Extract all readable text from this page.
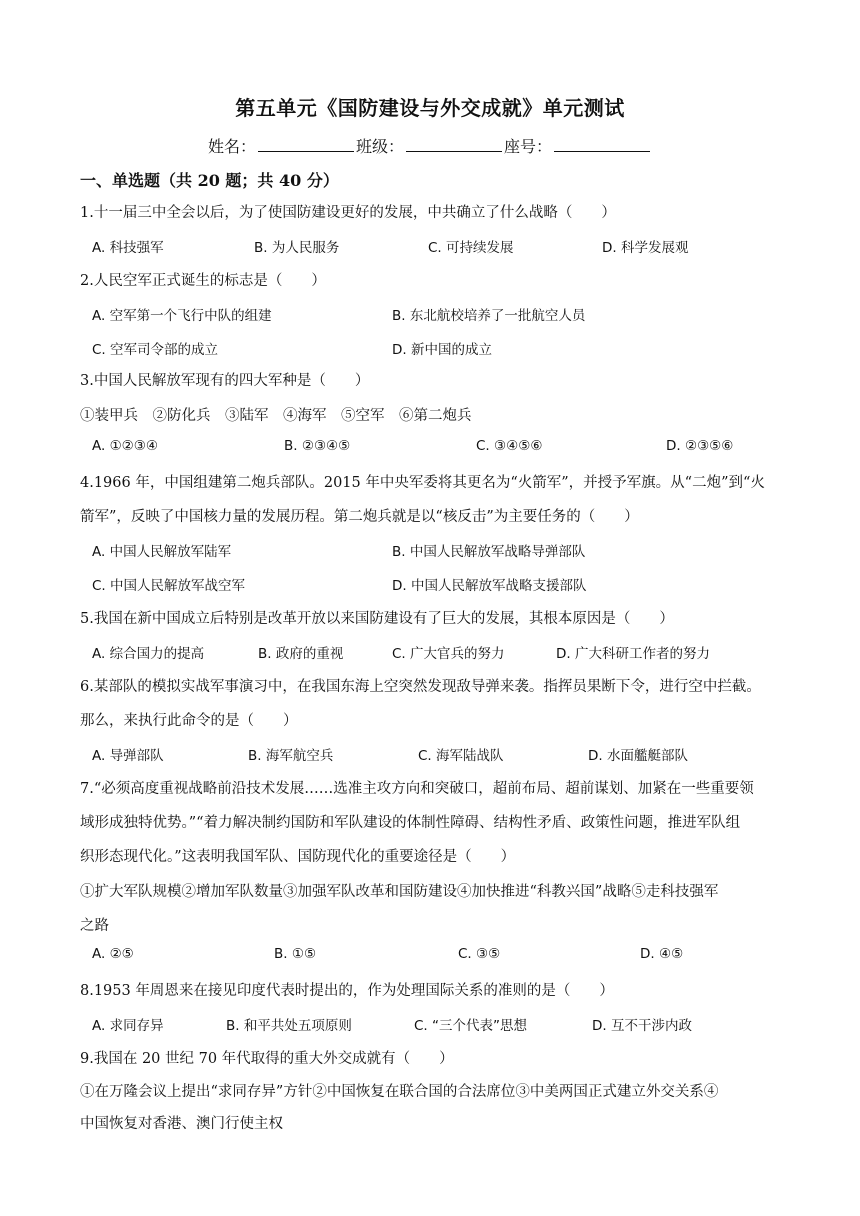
第五单元《国防建设与外交成就》单元测试
姓名：	班级：	座号：
一、单选题（共 20 题；共 40 分）
1.十一届三中全会以后，为了使国防建设更好的发展，中共确立了什么战略（　　）
A. 科技强军	B. 为人民服务	C. 可持续发展	D. 科学发展观
2.人民空军正式诞生的标志是（　　）
A. 空军第一个飞行中队的组建	B. 东北航校培养了一批航空人员
C. 空军司令部的成立	D. 新中国的成立
3.中国人民解放军现有的四大军种是（　　）
①装甲兵　②防化兵　③陆军　④海军　⑤空军　⑥第二炮兵
A. ①②③④	B. ②③④⑤	C. ③④⑤⑥	D. ②③⑤⑥
4.1966 年，中国组建第二炮兵部队。2015 年中央军委将其更名为“火箭军”，并授予军旗。从“二炮”到“火
箭军”，反映了中国核力量的发展历程。第二炮兵就是以“核反击”为主要任务的（　　）
A. 中国人民解放军陆军	B. 中国人民解放军战略导弹部队
C. 中国人民解放军战空军	D. 中国人民解放军战略支援部队
5.我国在新中国成立后特别是改革开放以来国防建设有了巨大的发展，其根本原因是（　　）
A. 综合国力的提高	B. 政府的重视	C. 广大官兵的努力	D. 广大科研工作者的努力
6.某部队的模拟实战军事演习中，在我国东海上空突然发现敌导弹来袭。指挥员果断下令，进行空中拦截。
那么，来执行此命令的是（　　）
A. 导弹部队	B. 海军航空兵	C. 海军陆战队	D. 水面艦艇部队
7.“必须高度重视战略前沿技术发展……选准主攻方向和突破口，超前布局、超前谋划、加紧在一些重要领
域形成独特优势。”“着力解决制约国防和军队建设的体制性障碍、结构性矛盾、政策性问题，推进军队组
织形态现代化。”这表明我国军队、国防现代化的重要途径是（　　）
①扩大军队规模②增加军队数量③加强军队改革和国防建设④加快推进“科教兴国”战略⑤走科技强军
之路
A. ②⑤	B. ①⑤	C. ③⑤	D. ④⑤
8.1953 年周恩来在接见印度代表时提出的，作为处理国际关系的准则的是（　　）
A. 求同存异	B. 和平共处五项原则	C. “三个代表”思想	D. 互不干涉内政
9.我国在 20 世纪 70 年代取得的重大外交成就有（　　）
①在万隆会议上提出“求同存异”方针②中国恢复在联合国的合法席位③中美两国正式建立外交关系④
中国恢复对香港、澳门行使主权
